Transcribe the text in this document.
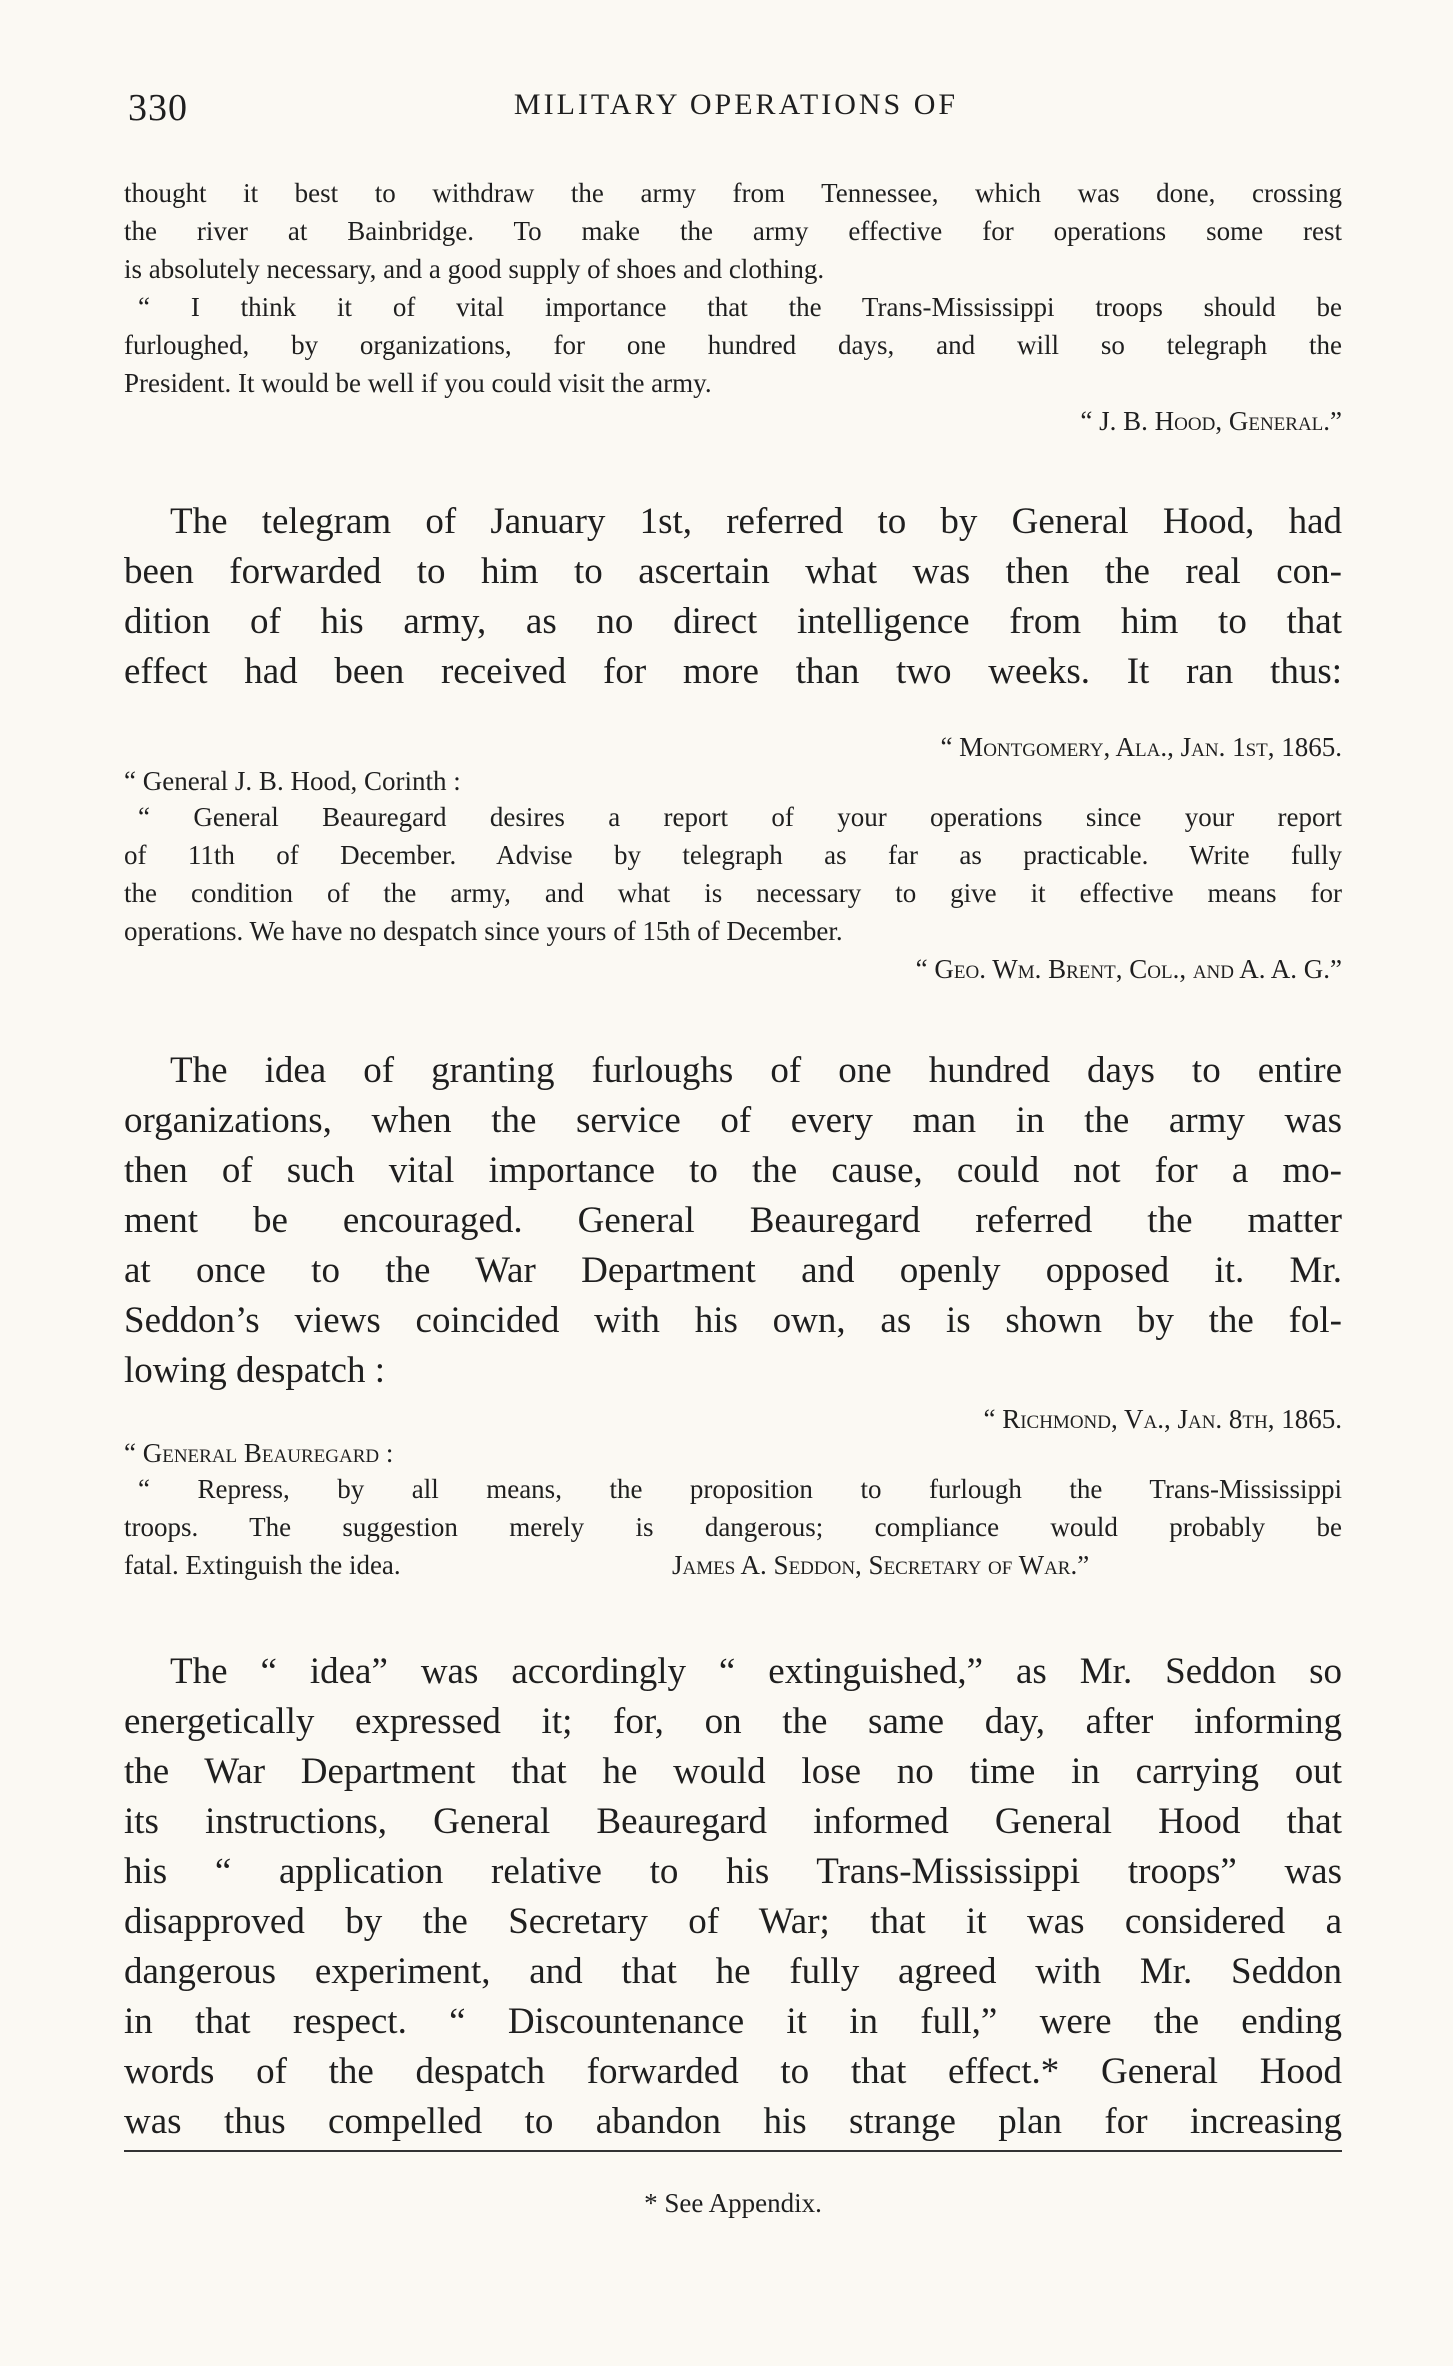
330	MILITARY OPERATIONS OF
thought it best to withdraw the army from Tennessee, which was done, crossing
the river at Bainbridge. To make the army effective for operations some rest
is absolutely necessary, and a good supply of shoes and clothing.
“ I think it of vital importance that the Trans-Mississippi troops should be
furloughed, by organizations, for one hundred days, and will so telegraph the
President. It would be well if you could visit the army.
“ J. B. Hood, General.”
The telegram of January 1st, referred to by General Hood, had
been forwarded to him to ascertain what was then the real con-
dition of his army, as no direct intelligence from him to that
effect had been received for more than two weeks. It ran thus:
“ Montgomery, Ala., Jan. 1st, 1865.
“ General J. B. Hood, Corinth :
“ General Beauregard desires a report of your operations since your report
of 11th of December. Advise by telegraph as far as practicable. Write fully
the condition of the army, and what is necessary to give it effective means for
operations. We have no despatch since yours of 15th of December.
“ Geo. Wm. Brent, Col., and A. A. G.”
The idea of granting furloughs of one hundred days to entire
organizations, when the service of every man in the army was
then of such vital importance to the cause, could not for a mo-
ment be encouraged. General Beauregard referred the matter
at once to the War Department and openly opposed it. Mr.
Seddon’s views coincided with his own, as is shown by the fol-
lowing despatch :
“ Richmond, Va., Jan. 8th, 1865.
“ General Beauregard :
“ Repress, by all means, the proposition to furlough the Trans-Mississippi
troops. The suggestion merely is dangerous; compliance would probably be
fatal. Extinguish the idea.	James A. Seddon, Secretary of War.”
The “ idea” was accordingly “ extinguished,” as Mr. Seddon so
energetically expressed it; for, on the same day, after informing
the War Department that he would lose no time in carrying out
its instructions, General Beauregard informed General Hood that
his “ application relative to his Trans-Mississippi troops” was
disapproved by the Secretary of War; that it was considered a
dangerous experiment, and that he fully agreed with Mr. Seddon
in that respect. “ Discountenance it in full,” were the ending
words of the despatch forwarded to that effect.* General Hood
was thus compelled to abandon his strange plan for increasing
* See Appendix.
